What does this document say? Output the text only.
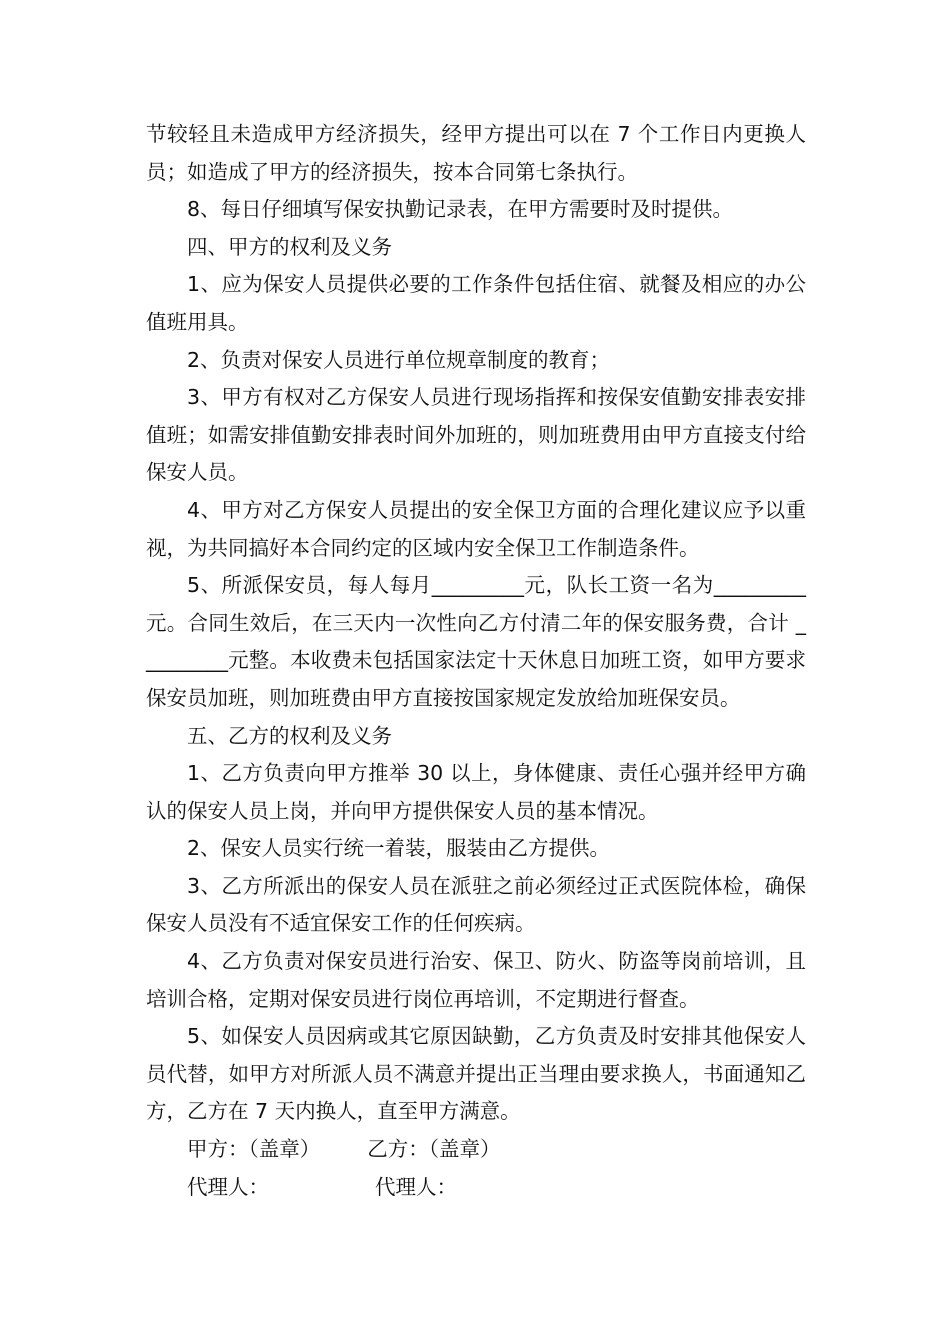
节较轻且未造成甲方经济损失，经甲方提出可以在 7 个工作日内更换人员；如造成了甲方的经济损失，按本合同第七条执行。

8、每日仔细填写保安执勤记录表，在甲方需要时及时提供。

四、甲方的权利及义务

1、应为保安人员提供必要的工作条件包括住宿、就餐及相应的办公值班用具。

2、负责对保安人员进行单位规章制度的教育；

3、甲方有权对乙方保安人员进行现场指挥和按保安值勤安排表安排值班；如需安排值勤安排表时间外加班的，则加班费用由甲方直接支付给保安人员。

4、甲方对乙方保安人员提出的安全保卫方面的合理化建议应予以重视，为共同搞好本合同约定的区域内安全保卫工作制造条件。

5、所派保安员，每人每月_________元，队长工资一名为_________元。合同生效后，在三天内一次性向乙方付清二年的保安服务费，合计 _________元整。本收费未包括国家法定十天休息日加班工资，如甲方要求保安员加班，则加班费由甲方直接按国家规定发放给加班保安员。

五、乙方的权利及义务

1、乙方负责向甲方推举 30 以上，身体健康、责任心强并经甲方确认的保安人员上岗，并向甲方提供保安人员的基本情况。

2、保安人员实行统一着装，服装由乙方提供。

3、乙方所派出的保安人员在派驻之前必须经过正式医院体检，确保保安人员没有不适宜保安工作的任何疾病。

4、乙方负责对保安员进行治安、保卫、防火、防盗等岗前培训，且培训合格，定期对保安员进行岗位再培训，不定期进行督查。

5、如保安人员因病或其它原因缺勤，乙方负责及时安排其他保安人员代替，如甲方对所派人员不满意并提出正当理由要求换人，书面通知乙方，乙方在 7 天内换人，直至甲方满意。

甲方：（盖章） 乙方：（盖章）
代理人：	代理人：
